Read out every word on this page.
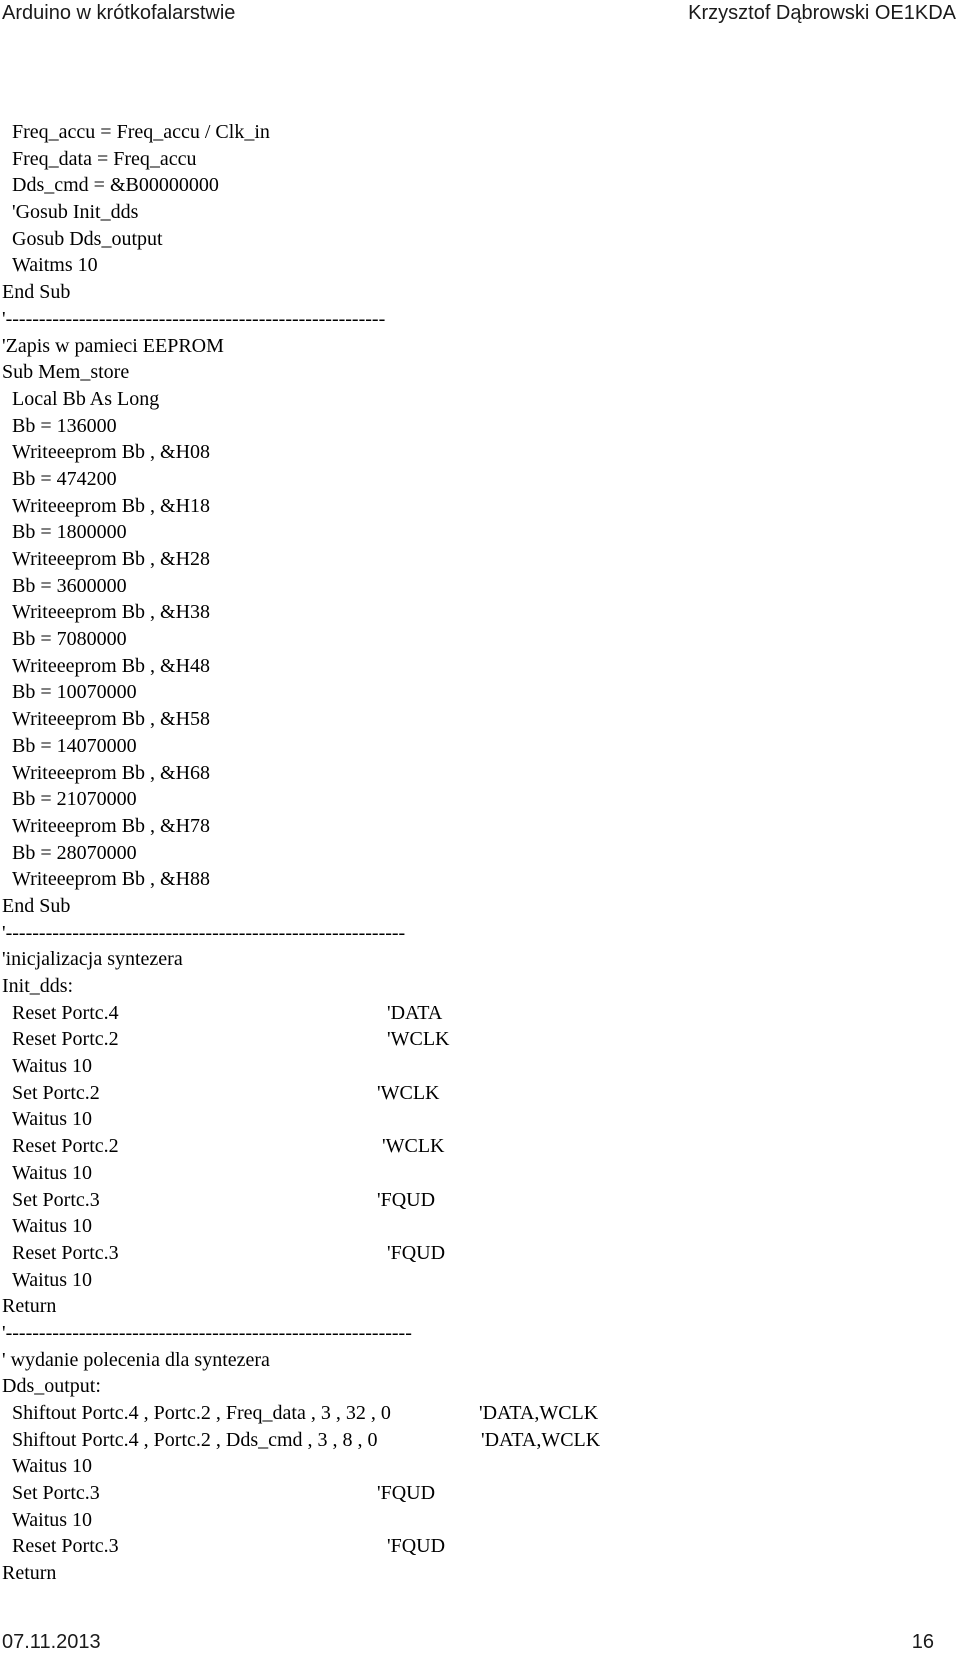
Arduino w krótkofalarstwie	Krzysztof Dąbrowski OE1KDA
Freq_accu = Freq_accu / Clk_in
Freq_data = Freq_accu
Dds_cmd = &B00000000
'Gosub Init_dds
Gosub Dds_output
Waitms 10
End Sub
'---------------------------------------------------------
'Zapis w pamieci EEPROM
Sub Mem_store
Local Bb As Long
Bb = 136000
Writeeeprom Bb , &H08
Bb = 474200
Writeeeprom Bb , &H18
Bb = 1800000
Writeeeprom Bb , &H28
Bb = 3600000
Writeeeprom Bb , &H38
Bb = 7080000
Writeeeprom Bb , &H48
Bb = 10070000
Writeeeprom Bb , &H58
Bb = 14070000
Writeeeprom Bb , &H68
Bb = 21070000
Writeeeprom Bb , &H78
Bb = 28070000
Writeeeprom Bb , &H88
End Sub
'------------------------------------------------------------
'inicjalizacja syntezera
Init_dds:
Reset Portc.4	'DATA
Reset Portc.2	'WCLK
Waitus 10
Set Portc.2	'WCLK
Waitus 10
Reset Portc.2	'WCLK
Waitus 10
Set Portc.3	'FQUD
Waitus 10
Reset Portc.3	'FQUD
Waitus 10
Return
'-------------------------------------------------------------
' wydanie polecenia dla syntezera
Dds_output:
Shiftout Portc.4 , Portc.2 , Freq_data , 3 , 32 , 0	'DATA,WCLK
Shiftout Portc.4 , Portc.2 , Dds_cmd , 3 , 8 , 0	'DATA,WCLK
Waitus 10
Set Portc.3	'FQUD
Waitus 10
Reset Portc.3	'FQUD
Return
07.11.2013	16
